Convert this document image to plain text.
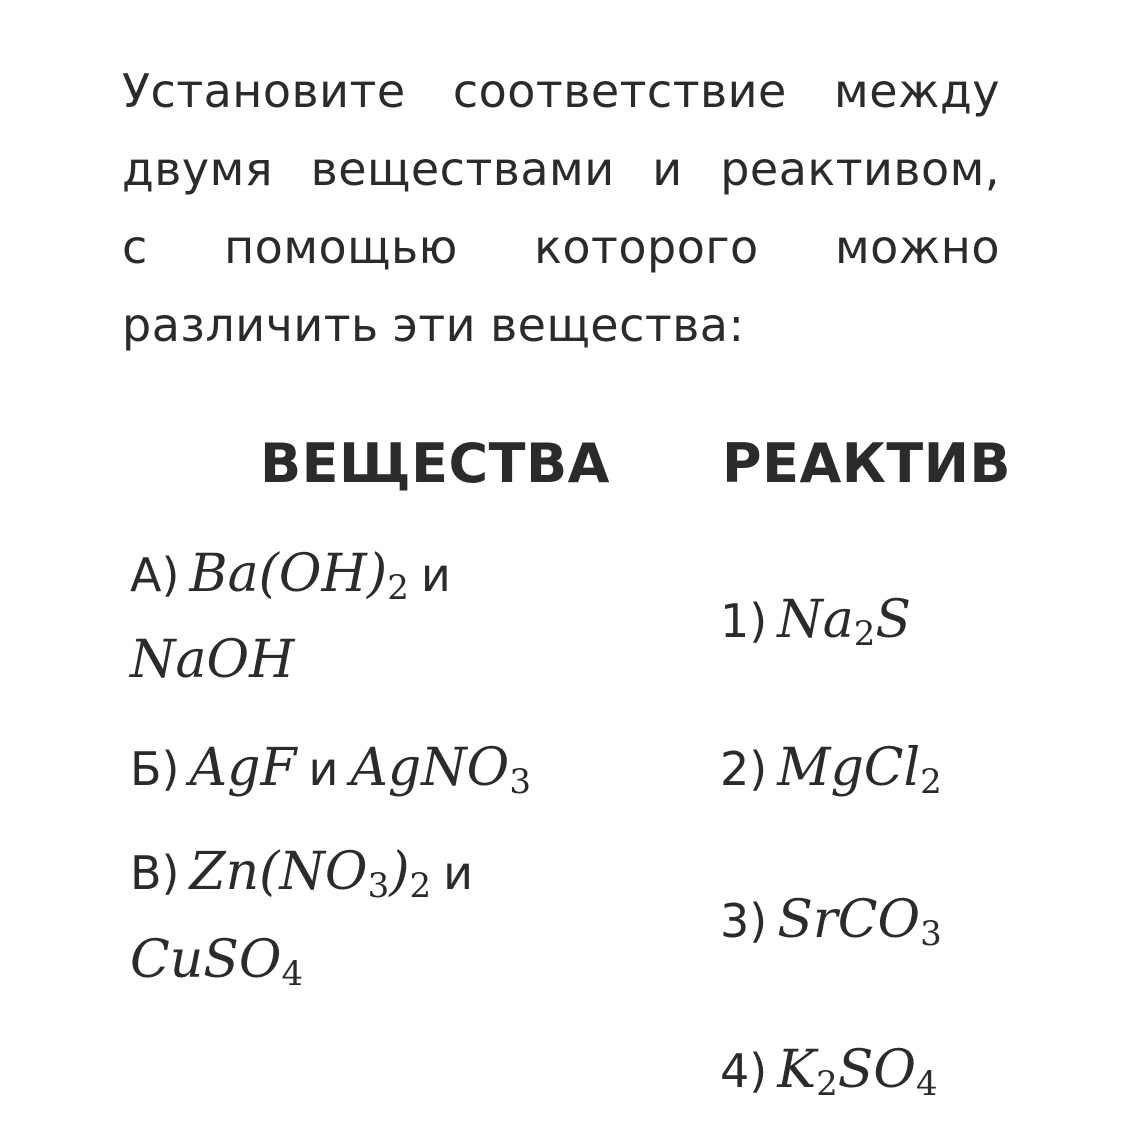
Установите соответствие между
двумя веществами и реактивом,
с помощью которого можно
различить эти вещества:
ВЕЩЕСТВА РЕАКТИВ
А) $Ba(OH)_2$ и
NaOH
Б) AgF и AgNO$_3$
В) $Zn(NO_3)_2$ и
CuSO$_4$
1) $Na_2S$
2) MgCl$_2$
3) SrCO$_3$
4) $K_2SO_4$
